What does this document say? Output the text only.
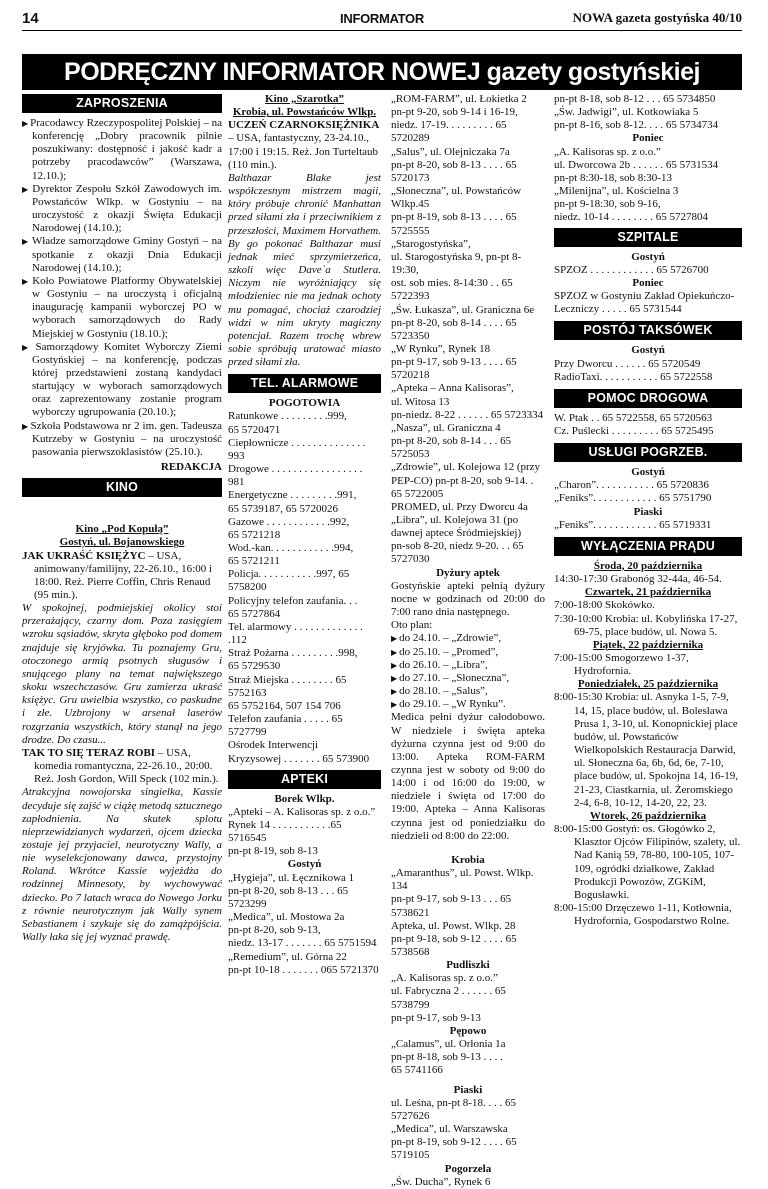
14	INFORMATOR	NOWA gazeta gostyńska 40/10
PODRĘCZNY INFORMATOR NOWEJ gazety gostyńskiej
ZAPROSZENIA

▶ Pracodawcy Rzeczypospolitej Polskiej – na konferencję „Dobry pracownik pilnie poszukiwany: dostępność i jakość kadr a potrzeby pracodawców” (Warszawa, 12.10.);

▶ Dyrektor Zespołu Szkół Zawodowych im. Powstańców Wlkp. w Gostyniu – na uroczystość z okazji Święta Edukacji Narodowej (14.10.);

▶ Władze samorządowe Gminy Gostyń – na spotkanie z okazji Dnia Edukacji Narodowej (14.10.);

▶ Koło Powiatowe Platformy Obywatelskiej w Gostyniu – na uroczystą i oficjalną inaugurację kampanii wyborczej PO w wyborach samorządowych do Rady Miejskiej w Gostyniu (18.10.);

▶ Samorządowy Komitet Wyborczy Ziemi Gostyńskiej – na konferencję, podczas której przedstawieni zostaną kandydaci startujący w wyborach samorządowych oraz zaprezentowany zostanie program wyborczy ugrupowania (20.10.);

▶ Szkoła Podstawowa nr 2 im. gen. Tadeusza Kutrzeby w Gostyniu – na uroczystość pasowania pierwszoklasistów (25.10.).

REDAKCJA

KINO

Kino „Pod Kopułą”

Gostyń, ul. Bojanowskiego

JAK UKRAŚĆ KSIĘŻYC – USA, animowany/familijny, 22-26.10., 16:00 i 18:00. Reż. Pierre Coffin, Chris Renaud (95 min.).

W spokojnej, podmiejskiej okolicy stoi przerażający, czarny dom. Poza zasięgiem wzroku sąsiadów, skryta głęboko pod domem znajduje się kryjówka. Tu poznajemy Gru, otoczonego armią psotnych sługusów i snującego plany na temat największego skoku wszechczasów. Gru zamierza ukraść księżyc. Gru uwielbia wszystko, co paskudne i złe. Uzbrojony w arsenał laserów rozgrzania wszystkich, który stanął na jego drodze. Do czasu...

TAK TO SIĘ TERAZ ROBI – USA, komedia romantyczna, 22-26.10., 20:00. Reż. Josh Gordon, Will Speck (102 min.).

Atrakcyjna nowojorska singielka, Kassie decyduje się zajść w ciążę metodą sztucznego zapłodnienia. Na skutek splotu nieprzewidzianych wydarzeń, ojcem dziecka zostaje jej przyjaciel, neurotyczny Wally, a nie wyselekcjonowany dawca, przystojny Roland. Wkrótce Kassie wyjeżdża do rodzinnej Minnesoty, by wychowywać dziecko. Po 7 latach wraca do Nowego Jorku z równie neurotycznym jak Wally synem Sebastianem i szykuje się do zamążpójścia. Wally łaka się jej wyznać prawdę.

Kino „Szarotka”

Krobia, ul. Powstańców Wlkp.

UCZEŃ CZARNOKSIĘŻNIKA – USA, fantastyczny, 23-24.10., 17:00 i 19:15. Reż. Jon Turteltaub (110 min.).

Balthazar Blake jest współczesnym mistrzem magii, który próbuje chronić Manhattan przed siłami zła i przeciwnikiem z przeszłości, Maximem Horvathem. By go pokonać Balthazar musi jednak mieć sprzymierzeńca, szkoli więc Dave`a Stutlera. Niczym nie wyróżniający się młodzieniec nie ma jednak ochoty mu pomagać, chociaż czarodziej widzi w nim ukryty magiczny potencjał. Razem trochę wbrew sobie spróbują uratować miasto przed siłami zła.

TEL. ALARMOWE

POGOTOWIA

Ratunkowe . . . . . . . . .999,

65 5720471

Ciepłownicze . . . . . . . . . . . . . . 993

Drogowe . . . . . . . . . . . . . . . . . 981

Energetyczne . . . . . . . . .991,

65 5739187, 65 5720026

Gazowe . . . . . . . . . . . .992,

65 5721218

Wod.-kan. . . . . . . . . . . .994,

65 5721211

Policja. . . . . . . . . . .997, 65 5758200

Policyjny telefon zaufania. . .

65 5727864

Tel. alarmowy . . . . . . . . . . . . . .112

Straż Pożarna . . . . . . . . .998,

65 5729530

Straż Miejska . . . . . . . . 65 5752163

65 5752164, 507 154 706

Telefon zaufania . . . . . 65 5727799

Ośrodek Interwencji

Kryzysowej . . . . . . . 65 573900

APTEKI

Borek Wlkp.

„Apteki – A. Kalisoras sp. z o.o.”

Rynek 14 . . . . . . . . . . .65 5716545

pn-pt 8-19, sob 8-13

Gostyń

„Hygieja”, ul. Łęcznikowa 1

pn-pt 8-20, sob 8-13 . . . 65 5723299

„Medica”, ul. Mostowa 2a

pn-pt 8-20, sob 9-13,

niedz. 13-17 . . . . . . . 65 5751594

„Remedium”, ul. Górna 22

pn-pt 10-18 . . . . . . . 065 5721370

„ROM-FARM”, ul. Łokietka 2

pn-pt 9-20, sob 9-14 i 16-19,

niedz. 17-19. . . . . . . . . 65 5720289

„Salus”, ul. Olejniczaka 7a

pn-pt 8-20, sob 8-13 . . . . 65 5720173

„Słoneczna”, ul. Powstańców Wlkp.45

pn-pt 8-19, sob 8-13 . . . . 65 5725555

„Starogostyńska”,

ul. Starogostyńska 9, pn-pt 8-19:30,

ost. sob mies. 8-14:30 . . 65 5722393

„Św. Łukasza”, ul. Graniczna 6e

pn-pt 8-20, sob 8-14 . . . . 65 5723350

„W Rynku”, Rynek 18

pn-pt 9-17, sob 9-13 . . . . 65 5720218

„Apteka – Anna Kalisoras”,

ul. Witosa 13

pn-niedz. 8-22 . . . . . . 65 5723334

„Nasza”, ul. Graniczna 4

pn-pt 8-20, sob 8-14 . . . 65 5725053

„Zdrowie”, ul. Kolejowa 12 (przy PEP-CO) pn-pt 8-20, sob 9-14. . 65 5722005

PROMED, ul. Przy Dworcu 4a

„Libra”, ul. Kolejowa 31 (po dawnej aptece Śródmiejskiej)

pn-sob 8-20, niedz 9-20. . . 65 5727030

Dyżury aptek

Gostyńskie apteki pełnią dyżury nocne w godzinach od 20:00 do 7:00 rano dnia następnego.

Oto plan:

▶ do 24.10. – „Zdrowie”,

▶ do 25.10. – „Promed”,

▶ do 26.10. – „Libra”,

▶ do 27.10. – „Słoneczna”,

▶ do 28.10. – „Salus”,

▶ do 29.10. – „W Rynku”.

Medica pełni dyżur całodobowo. W niedziele i święta apteka dyżurna czynna jest od 9:00 do 13:00. Apteka ROM-FARM czynna jest w soboty od 9:00 do 14:00 i od 16:00 do 19:00, w niedziele i święta od 17:00 do 19:00. Apteka – Anna Kalisoras czynna jest od poniedziałku do niedzieli od 8:00 do 22:00.

Krobia

„Amaranthus”, ul. Powst. Wlkp. 134

pn-pt 9-17, sob 9-13 . . . 65 5738621

Apteka, ul. Powst. Wlkp. 28

pn-pt 9-18, sob 9-12 . . . . 65 5738568

Pudliszki

„A. Kalisoras sp. z o.o.”

ul. Fabryczna 2 . . . . . . 65 5738799

pn-pt 9-17, sob 9-13

Pępowo

„Calamus”, ul. Orłonia 1a

pn-pt 8-18, sob 9-13 . . . .

65 5741166

Piaski

ul. Leśna, pn-pt 8-18. . . . 65 5727626

„Medica”, ul. Warszawska

pn-pt 8-19, sob 9-12 . . . . 65 5719105

Pogorzela

„Św. Ducha”, Rynek 6

pn-pt 8-18, sob 8-12 . . . 65 5734850

„Św. Jadwigi”, ul. Kotkowiaka 5

pn-pt 8-16, sob 8-12. . . . 65 5734734

Poniec

„A. Kalisoras sp. z o.o.”

ul. Dworcowa 2b . . . . . . 65 5731534

pn-pt 8:30-18, sob 8:30-13

„Milenijna”, ul. Kościelna 3

pn-pt 9-18:30, sob 9-16,

niedz. 10-14 . . . . . . . . 65 5727804

SZPITALE

Gostyń

SPZOZ . . . . . . . . . . . . 65 5726700

Poniec

SPZOZ w Gostyniu Zakład Opiekuńczo-Leczniczy . . . . . 65 5731544

POSTÓJ TAKSÓWEK

Gostyń

Przy Dworcu . . . . . . 65 5720549

RadioTaxi. . . . . . . . . . . 65 5722558

POMOC DROGOWA

W. Ptak . . 65 5722558, 65 5720563

Cz. Puślecki . . . . . . . . . 65 5725495

USŁUGI POGRZEB.

Gostyń

„Charon”. . . . . . . . . . . 65 5720836

„Feniks”. . . . . . . . . . . . 65 5751790

Piaski

„Feniks”. . . . . . . . . . . . 65 5719331

WYŁĄCZENIA PRĄDU

Środa, 20 października

14:30-17:30 Grabonóg 32-44a, 46-54.

Czwartek, 21 października

7:00-18:00 Skokówko.

7:30-10:00 Krobia: ul. Kobylińska 17-27, 69-75, place budów, ul. Nowa 5.

Piątek, 22 października

7:00-15:00 Smogorzewo 1-37, Hydrofornia.

Poniedziałek, 25 października

8:00-15:30 Krobia: ul. Asnyka 1-5, 7-9, 14, 15, place budów, ul. Bolesława Prusa 1, 3-10, ul. Konopnickiej place budów, ul. Powstańców Wielkopolskich Restauracja Darwid, ul. Słoneczna 6a, 6b, 6d, 6e, 7-10, place budów, ul. Spokojna 14, 16-19, 21-23, Ciastkarnia, ul. Żeromskiego 2-4, 6-8, 10-12, 14-20, 22, 23.

Wtorek, 26 października

8:00-15:00 Gostyń: os. Głogówko 2, Klasztor Ojców Filipinów, szalety, ul. Nad Kanią 59, 78-80, 100-105, 107-109, ogródki działkowe, Zakład Produkcji Powozów, ZGKiM, Bogusławki.

8:00-15:00 Drzęczewo 1-11, Kotłownia, Hydrofornia, Gospodarstwo Rolne.
